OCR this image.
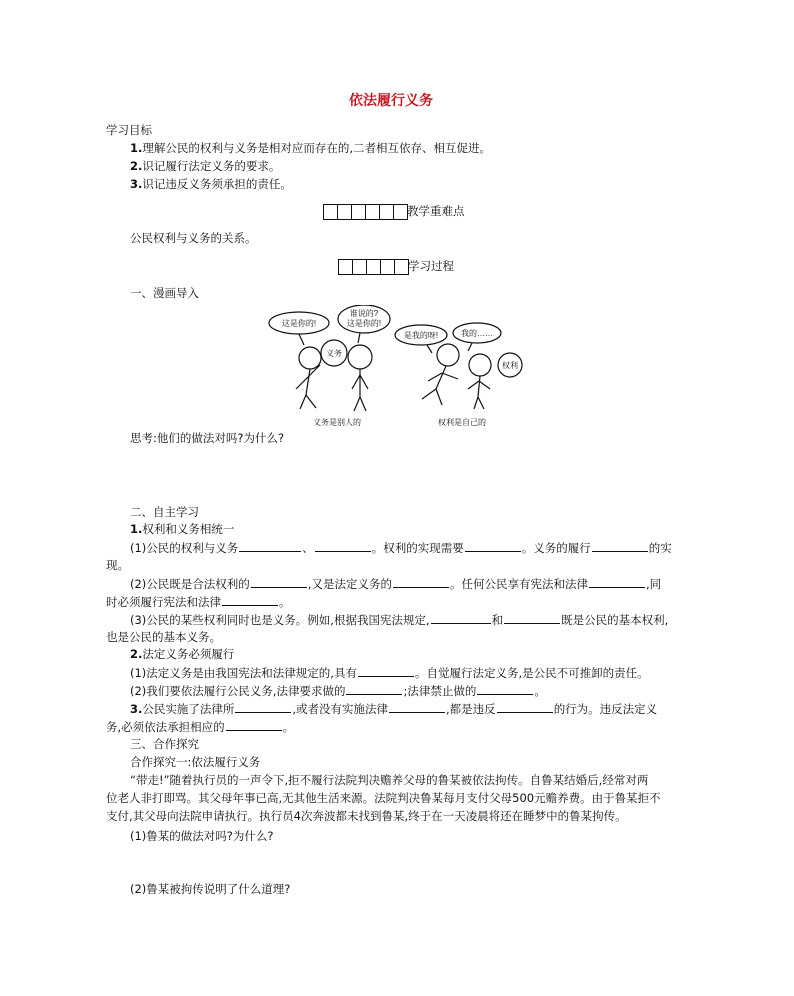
依法履行义务
学习目标
1.理解公民的权利与义务是相对应而存在的,二者相互依存、相互促进。
2.识记履行法定义务的要求。
3.识记违反义务须承担的责任。
教学重难点
公民权利与义务的关系。
学习过程
一、漫画导入
这是你的!
谁说的?
这是你的!
是我的呀!	我的……
义务
权利
义务是别人的	权利是自己的
思考:他们的做法对吗?为什么?
二、自主学习
1.权利和义务相统一
(1)公民的权利与义务	、	。权利的实现需要	。义务的履行	的实
现。
(2)公民既是合法权利的	,又是法定义务的	。任何公民享有宪法和法律	,同
时必须履行宪法和法律	。
(3)公民的某些权利同时也是义务。例如,根据我国宪法规定,	和	既是公民的基本权利,
也是公民的基本义务。
2.法定义务必须履行
(1)法定义务是由我国宪法和法律规定的,具有	。自觉履行法定义务,是公民不可推卸的责任。
(2)我们要依法履行公民义务,法律要求做的	;法律禁止做的	。
3.公民实施了法律所	,或者没有实施法律	,都是违反	的行为。违反法定义
务,必须依法承担相应的	。
三、合作探究
合作探究一:依法履行义务
“带走!”随着执行员的一声令下,拒不履行法院判决赡养父母的鲁某被依法拘传。自鲁某结婚后,经常对两
位老人非打即骂。其父母年事已高,无其他生活来源。法院判决鲁某每月支付父母500元赡养费。由于鲁某拒不
支付,其父母向法院申请执行。执行员4次奔波都未找到鲁某,终于在一天凌晨将还在睡梦中的鲁某拘传。
(1)鲁某的做法对吗?为什么?
(2)鲁某被拘传说明了什么道理?
